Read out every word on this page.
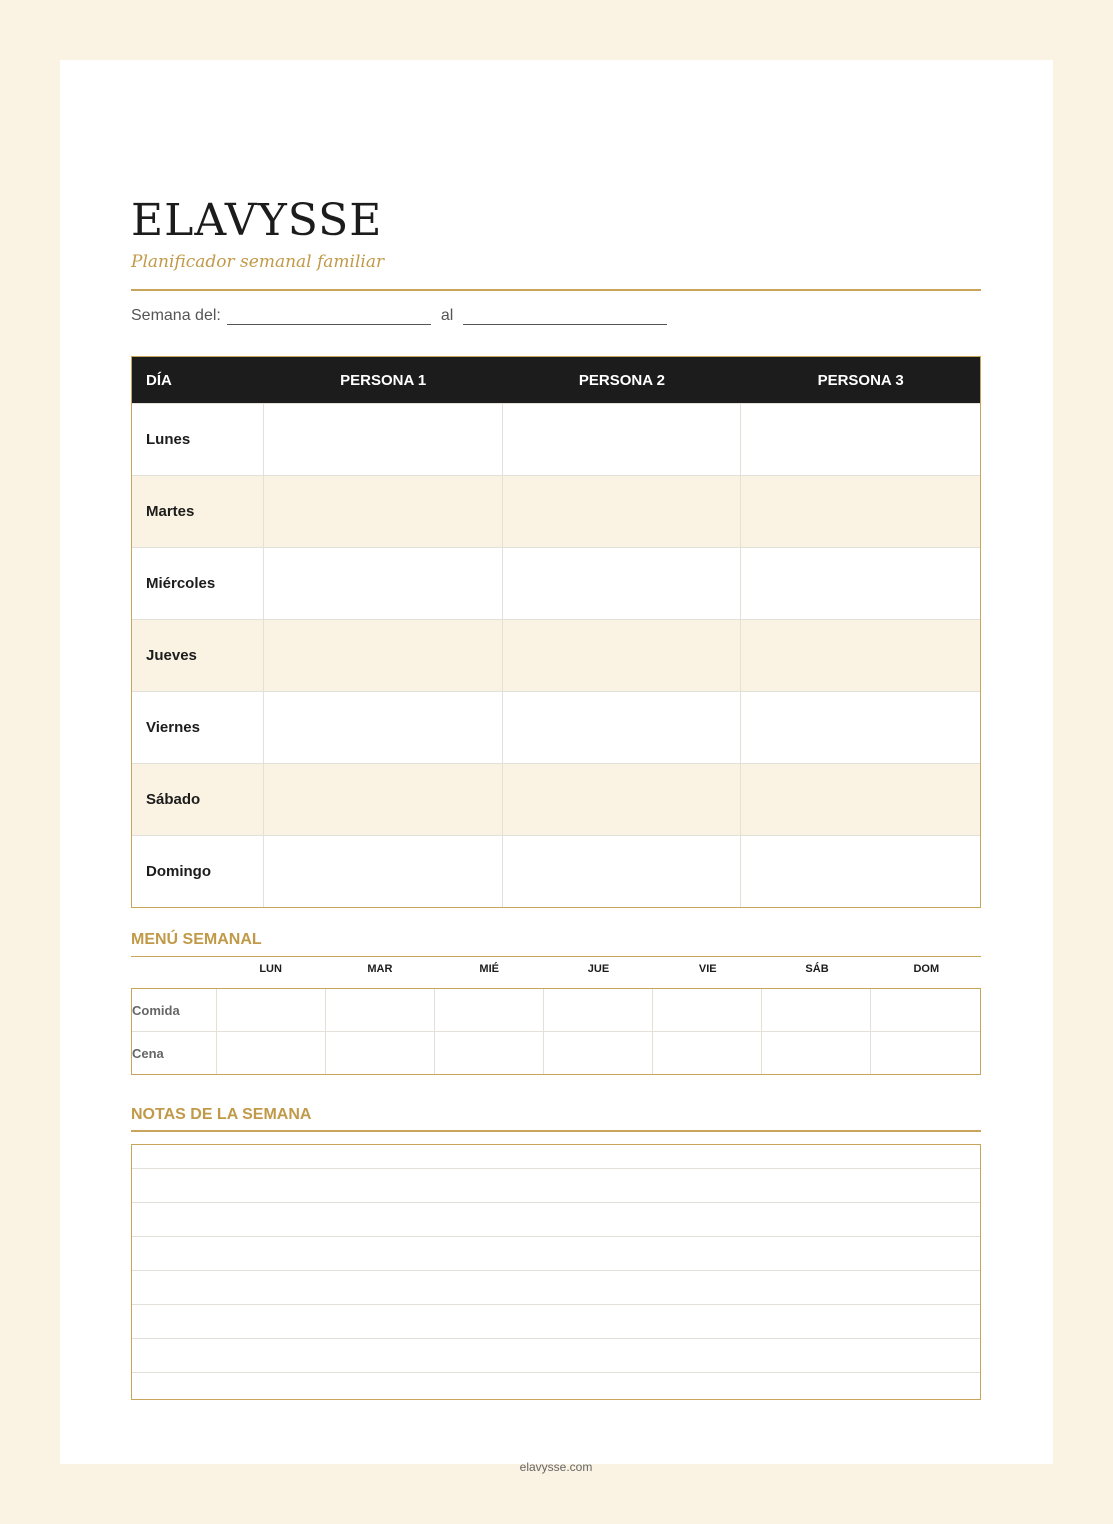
ELAVYSSE
Planificador semanal familiar
Semana del:	al
DÍA	PERSONA 1	PERSONA 2	PERSONA 3
Lunes
Martes
Miércoles
Jueves
Viernes
Sábado
Domingo
MENÚ SEMANAL
LUN	MAR	MIÉ	JUE	VIE	SÁB	DOM
Comida
Cena
NOTAS DE LA SEMANA
elavysse.com
